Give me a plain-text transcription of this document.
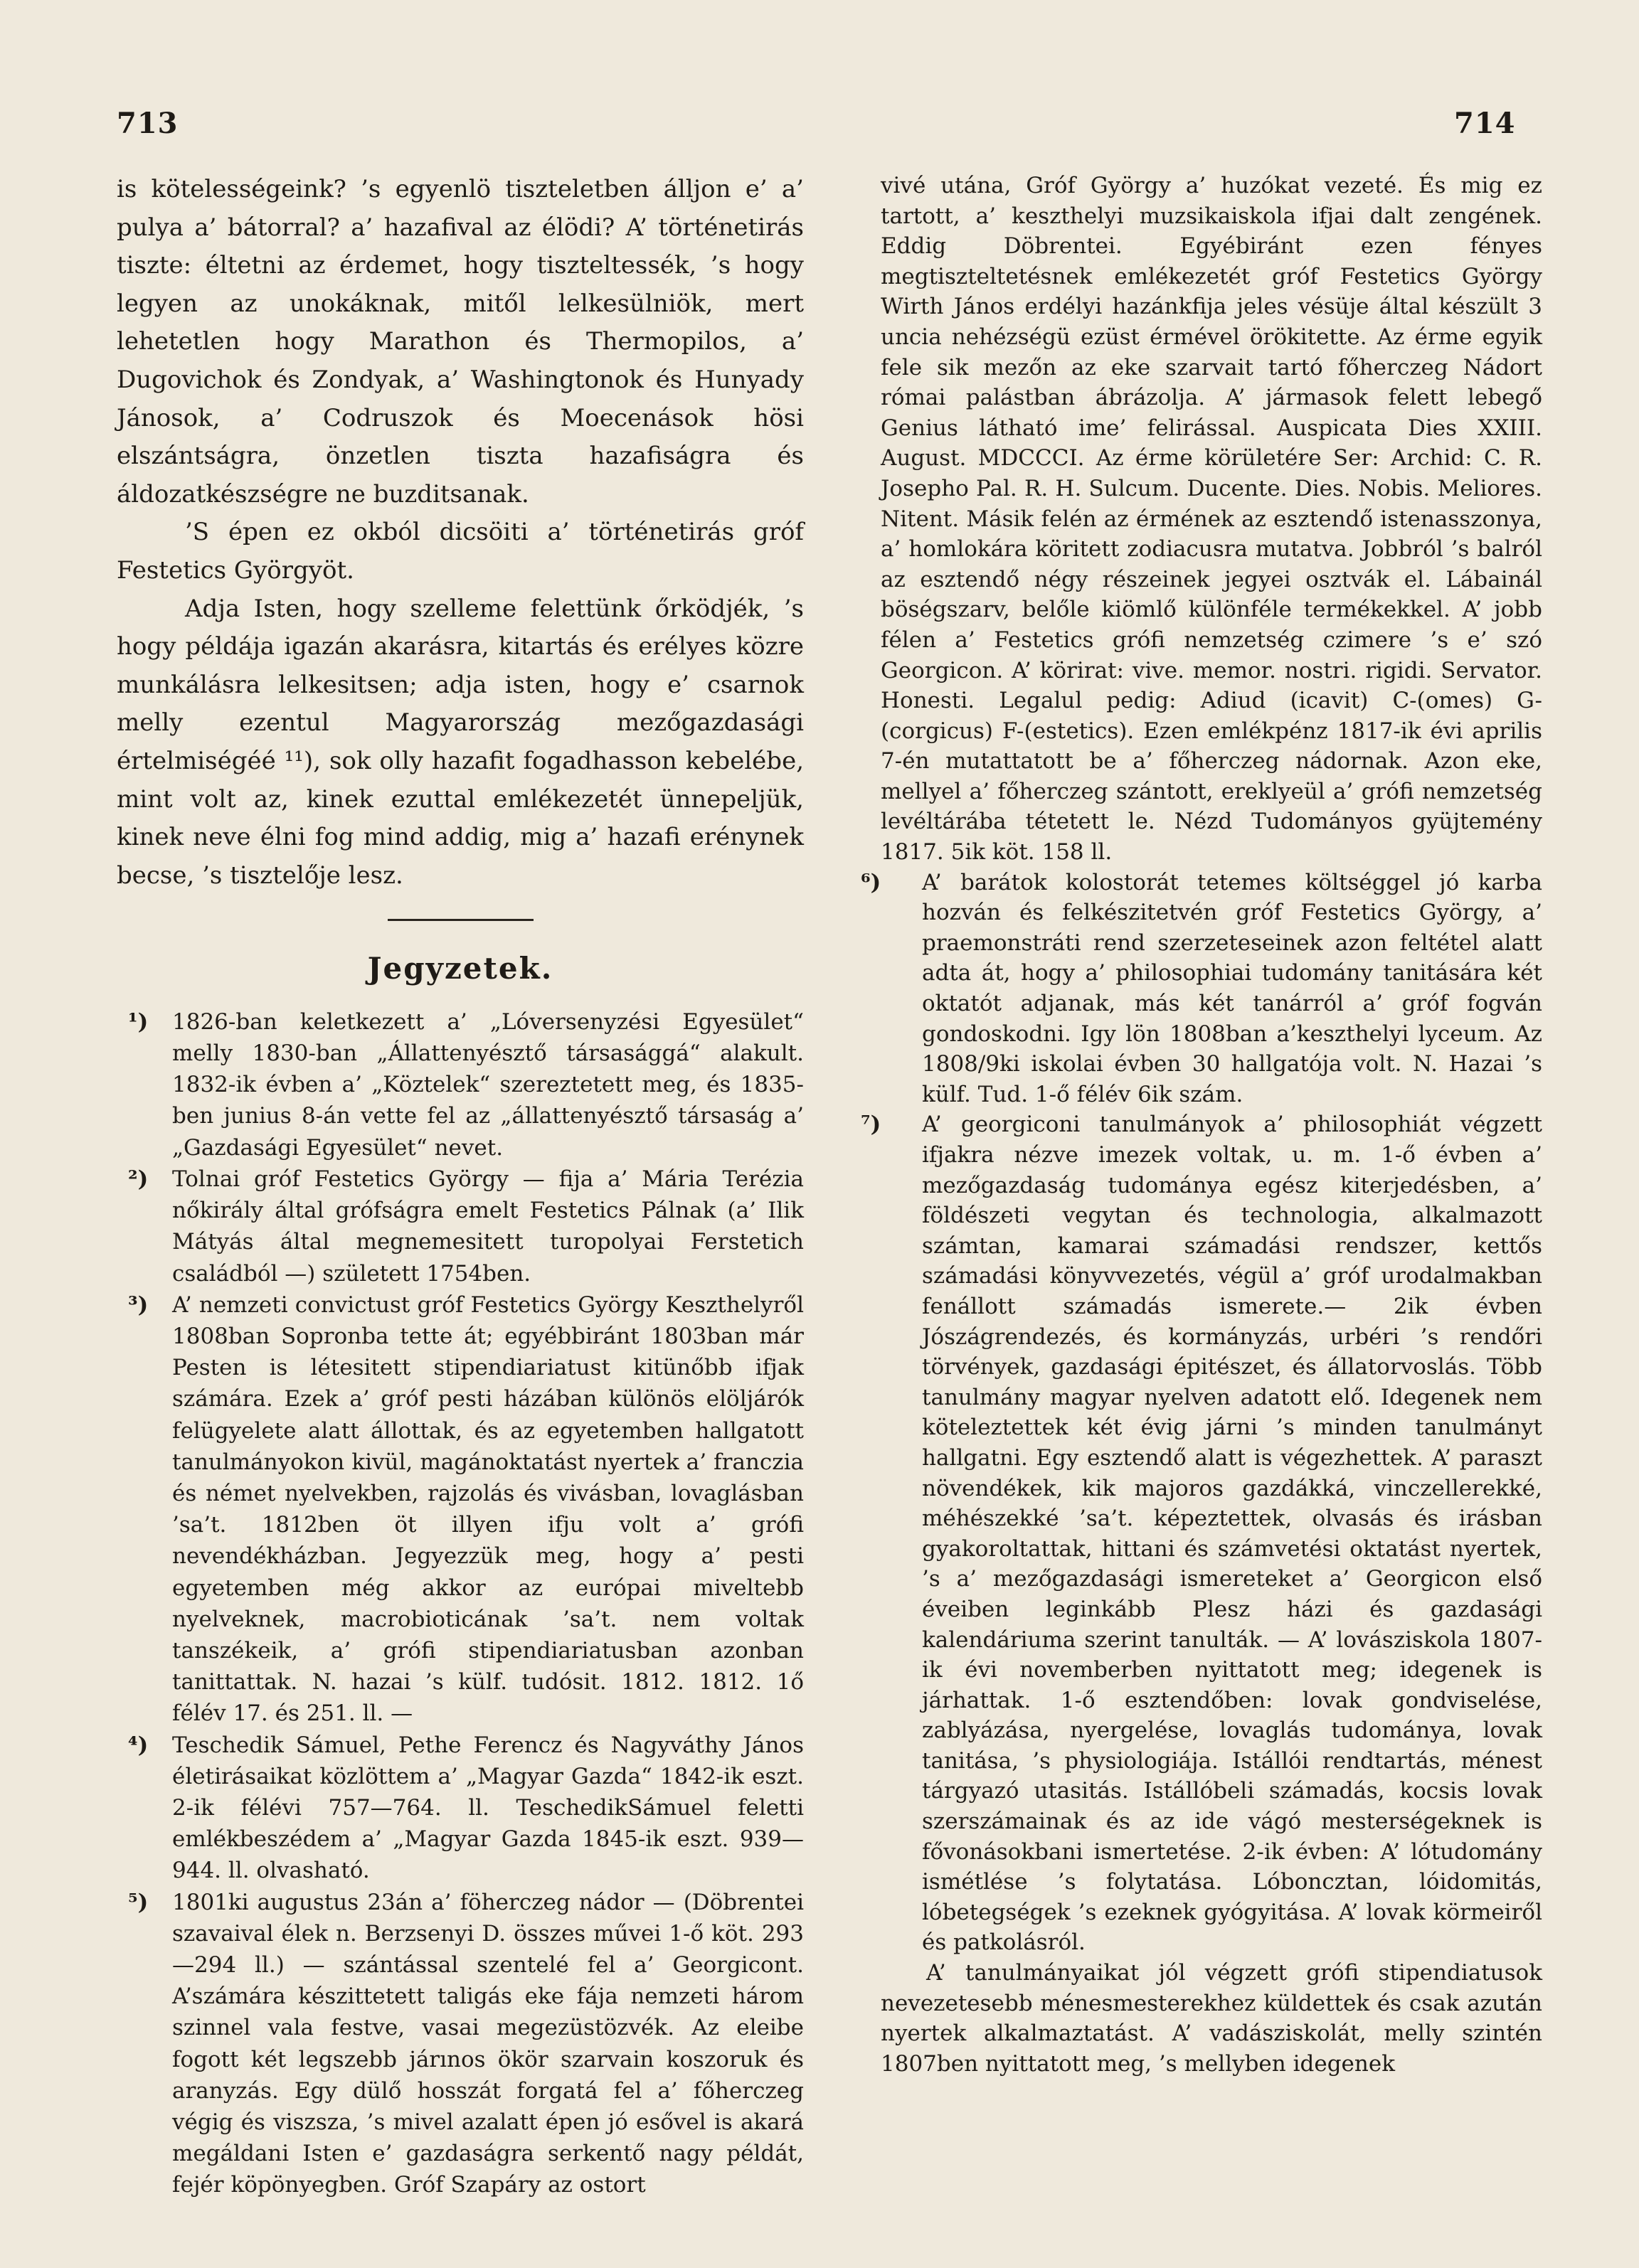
713	714

is kötelességeink? ’s egyenlö tiszteletben álljon e’ a’ pulya a’ bátorral? a’ hazafival az élödi? A’ történetirás tiszte: éltetni az érdemet, hogy tiszteltessék, ’s hogy legyen az unokáknak, mitől lelkesülniök, mert lehetetlen hogy Marathon és Thermopilos, a’ Dugovichok és Zondyak, a’ Washingtonok és Hunyady Jánosok, a’ Codruszok és Moecenások hösi elszántságra, önzetlen tiszta hazafiságra és áldozatkészségre ne buzditsanak.

’S épen ez okból dicsöiti a’ történetirás gróf Festetics Györgyöt.

Adja Isten, hogy szelleme felettünk őrködjék, ’s hogy példája igazán akarásra, kitartás és erélyes közre munkálásra lelkesitsen; adja isten, hogy e’ csarnok melly ezentul Magyarország mezőgazdasági értelmiségéé ¹¹), sok olly hazafit fogadhasson kebelébe, mint volt az, kinek ezuttal emlékezetét ünnepeljük, kinek neve élni fog mind addig, mig a’ hazafi erénynek becse, ’s tisztelője lesz.

Jegyzetek.
¹) 1826-ban keletkezett a’ „Lóversenyzési Egyesület“ melly 1830-ban „Állattenyésztő társasággá“ alakult. 1832-ik évben a’ „Köztelek“ szereztetett meg, és 1835-ben junius 8-án vette fel az „állattenyésztő társaság a’ „Gazdasági Egyesület“ nevet.
²) Tolnai gróf Festetics György — fija a’ Mária Terézia nőkirály által grófságra emelt Festetics Pálnak (a’ Ilik Mátyás által megnemesitett turopolyai Ferstetich családból —) született 1754ben.
³) A’ nemzeti convictust gróf Festetics György Keszthelyről 1808ban Sopronba tette át; egyébbiránt 1803ban már Pesten is létesitett stipendiariatust kitünőbb ifjak számára. Ezek a’ gróf pesti házában különös elöljárók felügyelete alatt állottak, és az egyetemben hallgatott tanulmányokon kivül, magánoktatást nyertek a’ franczia és német nyelvekben, rajzolás és vivásban, lovaglásban ’sa’t. 1812ben öt illyen ifju volt a’ grófi nevendékházban. Jegyezzük meg, hogy a’ pesti egyetemben még akkor az európai miveltebb nyelveknek, macrobioticának ’sa’t. nem voltak tanszékeik, a’ grófi stipendiariatusban azonban tanittattak. N. hazai ’s külf. tudósit. 1812. 1812. 1ő félév 17. és 251. ll. —
⁴) Teschedik Sámuel, Pethe Ferencz és Nagyváthy János életirásaikat közlöttem a’ „Magyar Gazda“ 1842-ik eszt. 2-ik félévi 757—764. ll. TeschedikSámuel feletti emlékbeszédem a’ „Magyar Gazda 1845-ik eszt. 939—944. ll. olvasható.
⁵) 1801ki augustus 23án a’ föherczeg nádor — (Döbrentei szavaival élek n. Berzsenyi D. összes művei 1-ő köt. 293—294 ll.) — szántással szentelé fel a’ Georgicont. A’számára készittetett taligás eke fája nemzeti három szinnel vala festve, vasai megezüstözvék. Az eleibe fogott két legszebb járınos ökör szarvain koszoruk és aranyzás. Egy dülő hosszát forgatá fel a’ főherczeg végig és viszsza, ’s mivel azalatt épen jó esővel is akará megáldani Isten e’ gazdaságra serkentő nagy példát, fejér köpönyegben. Gróf Szapáry az ostort

vivé utána, Gróf György a’ huzókat vezeté. És mig ez tartott, a’ keszthelyi muzsikaiskola ifjai dalt zengének. Eddig Döbrentei. Egyébiránt ezen fényes megtiszteltetésnek emlékezetét gróf Festetics György Wirth János erdélyi hazánkfija jeles vésüje által készült 3 uncia nehézségü ezüst érmével örökitette. Az érme egyik fele sik mezőn az eke szarvait tartó főherczeg Nádort római palástban ábrázolja. A’ jármasok felett lebegő Genius látható ime’ felirással. Auspicata Dies XXIII. August. MDCCCI. Az érme körületére Ser: Archid: C. R. Josepho Pal. R. H. Sulcum. Ducente. Dies. Nobis. Meliores. Nitent. Másik felén az érmének az esztendő istenasszonya, a’ homlokára köritett zodiacusra mutatva. Jobbról ’s balról az esztendő négy részeinek jegyei osztvák el. Lábainál böségszarv, belőle kiömlő különféle termékekkel. A’ jobb félen a’ Festetics grófi nemzetség czimere ’s e’ szó Georgicon. A’ körirat: vive. memor. nostri. rigidi. Servator. Honesti. Legalul pedig: Adiud (icavit) C-(omes) G-(corgicus) F-(estetics). Ezen emlékpénz 1817-ik évi aprilis 7-én mutattatott be a’ főherczeg nádornak. Azon eke, mellyel a’ főherczeg szántott, ereklyeül a’ grófi nemzetség levéltárába tétetett le. Nézd Tudományos gyüjtemény 1817. 5ik köt. 158 ll.

⁶) A’ barátok kolostorát tetemes költséggel jó karba hozván és felkészitetvén gróf Festetics György, a’ praemonstráti rend szerzeteseinek azon feltétel alatt adta át, hogy a’ philosophiai tudomány tanitására két oktatót adjanak, más két tanárról a’ gróf fogván gondoskodni. Igy lön 1808ban a’keszthelyi lyceum. Az 1808/9ki iskolai évben 30 hallgatója volt. N. Hazai ’s külf. Tud. 1-ő félév 6ik szám.
⁷) A’ georgiconi tanulmányok a’ philosophiát végzett ifjakra nézve imezek voltak, u. m. 1-ő évben a’ mezőgazdaság tudománya egész kiterjedésben, a’ földészeti vegytan és technologia, alkalmazott számtan, kamarai számadási rendszer, kettős számadási könyvvezetés, végül a’ gróf urodalmakban fenállott számadás ismerete.— 2ik évben Jószágrendezés, és kormányzás, urbéri ’s rendőri törvények, gazdasági épitészet, és állatorvoslás. Több tanulmány magyar nyelven adatott elő. Idegenek nem köteleztettek két évig járni ’s minden tanulmányt hallgatni. Egy esztendő alatt is végezhettek. A’ paraszt növendékek, kik majoros gazdákká, vinczellerekké, méhészekké ’sa’t. képeztettek, olvasás és irásban gyakoroltattak, hittani és számvetési oktatást nyertek, ’s a’ mezőgazdasági ismereteket a’ Georgicon első éveiben leginkább Plesz házi és gazdasági kalendáriuma szerint tanulták. — A’ lovásziskola 1807-ik évi novemberben nyittatott meg; idegenek is járhattak. 1-ő esztendőben: lovak gondviselése, zablyázása, nyergelése, lovaglás tudománya, lovak tanitása, ’s physiologiája. Istállói rendtartás, ménest tárgyazó utasitás. Istállóbeli számadás, kocsis lovak szerszámainak és az ide vágó mesterségeknek is fővonásokbani ismertetése. 2-ik évben: A’ lótudomány ismétlése ’s folytatása. Lóboncztan, lóidomitás, lóbetegségek ’s ezeknek gyógyitása. A’ lovak körmeiről és patkolásról.

A’ tanulmányaikat jól végzett grófi stipendiatusok nevezetesebb ménesmesterekhez küldettek és csak azután nyertek alkalmaztatást. A’ vadásziskolát, melly szintén 1807ben nyittatott meg, ’s mellyben idegenek
